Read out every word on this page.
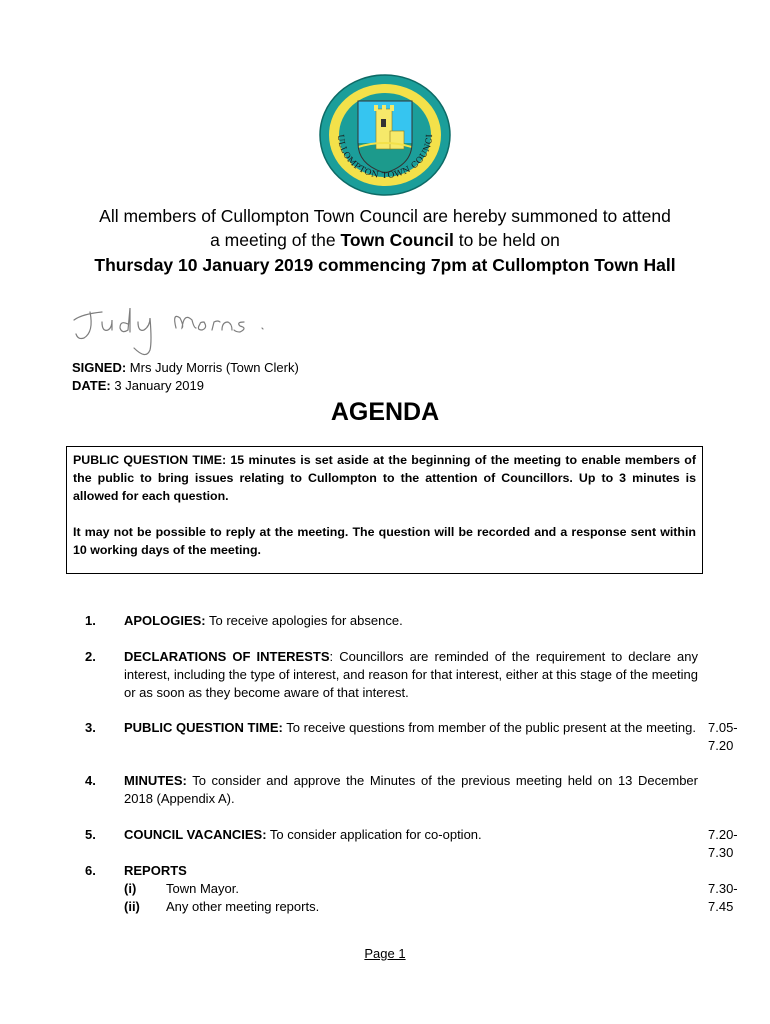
ULLOMPTON TOWN COUNCI
All members of Cullompton Town Council are hereby summoned to attend
a meeting of the Town Council to be held on
Thursday 10 January 2019 commencing 7pm at Cullompton Town Hall
SIGNED: Mrs Judy Morris (Town Clerk)
DATE: 3 January 2019
AGENDA

PUBLIC QUESTION TIME: 15 minutes is set aside at the beginning of the meeting to enable members of the public to bring issues relating to Cullompton to the attention of Councillors. Up to 3 minutes is allowed for each question.

It may not be possible to reply at the meeting. The question will be recorded and a response sent within 10 working days of the meeting.

1. APOLOGIES: To receive apologies for absence.
2. DECLARATIONS OF INTERESTS: Councillors are reminded of the requirement to declare any interest, including the type of interest, and reason for that interest, either at this stage of the meeting or as soon as they become aware of that interest.
3. PUBLIC QUESTION TIME: To receive questions from member of the public present at the meeting. 7.05-
7.20
4. MINUTES: To consider and approve the Minutes of the previous meeting held on 13 December 2018 (Appendix A).
5. COUNCIL VACANCIES: To consider application for co-option.	7.20-
7.30
6. REPORTS
(i) Town Mayor.
(ii) Any other meeting reports.
7.30-
7.45
Page 1
